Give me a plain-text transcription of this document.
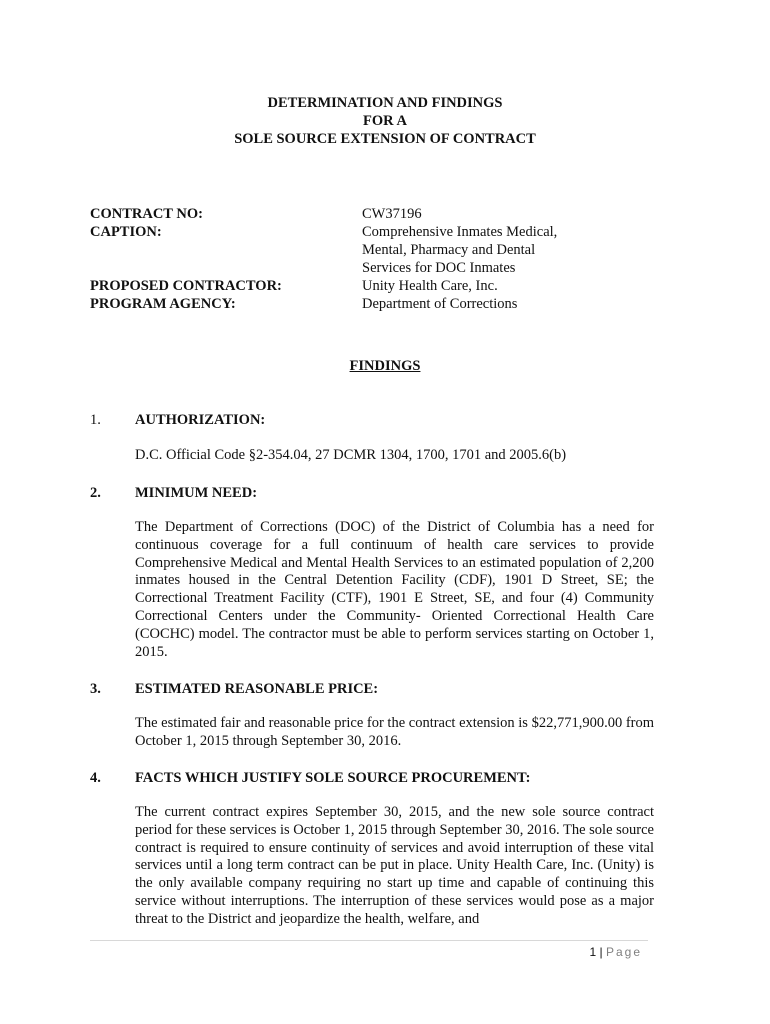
DETERMINATION AND FINDINGS
FOR A
SOLE SOURCE EXTENSION OF CONTRACT
CONTRACT NO:	CW37196
CAPTION:	Comprehensive Inmates Medical,
Mental, Pharmacy and Dental
Services for DOC Inmates
PROPOSED CONTRACTOR:	Unity Health Care, Inc.
PROGRAM AGENCY:	Department of Corrections
FINDINGS
1. AUTHORIZATION:

D.C. Official Code §2-354.04, 27 DCMR 1304, 1700, 1701 and 2005.6(b)

2. MINIMUM NEED:

The Department of Corrections (DOC) of the District of Columbia has a need for continuous coverage for a full continuum of health care services to provide Comprehensive Medical and Mental Health Services to an estimated population of 2,200 inmates housed in the Central Detention Facility (CDF), 1901 D Street, SE; the Correctional Treatment Facility (CTF), 1901 E Street, SE, and four (4) Community Correctional Centers under the Community- Oriented Correctional Health Care (COCHC) model. The contractor must be able to perform services starting on October 1, 2015.

3. ESTIMATED REASONABLE PRICE:

The estimated fair and reasonable price for the contract extension is $22,771,900.00 from October 1, 2015 through September 30, 2016.

4. FACTS WHICH JUSTIFY SOLE SOURCE PROCUREMENT:

The current contract expires September 30, 2015, and the new sole source contract period for these services is October 1, 2015 through September 30, 2016. The sole source contract is required to ensure continuity of services and avoid interruption of these vital services until a long term contract can be put in place. Unity Health Care, Inc. (Unity) is the only available company requiring no start up time and capable of continuing this service without interruptions. The interruption of these services would pose as a major threat to the District and jeopardize the health, welfare, and

1 | Page
